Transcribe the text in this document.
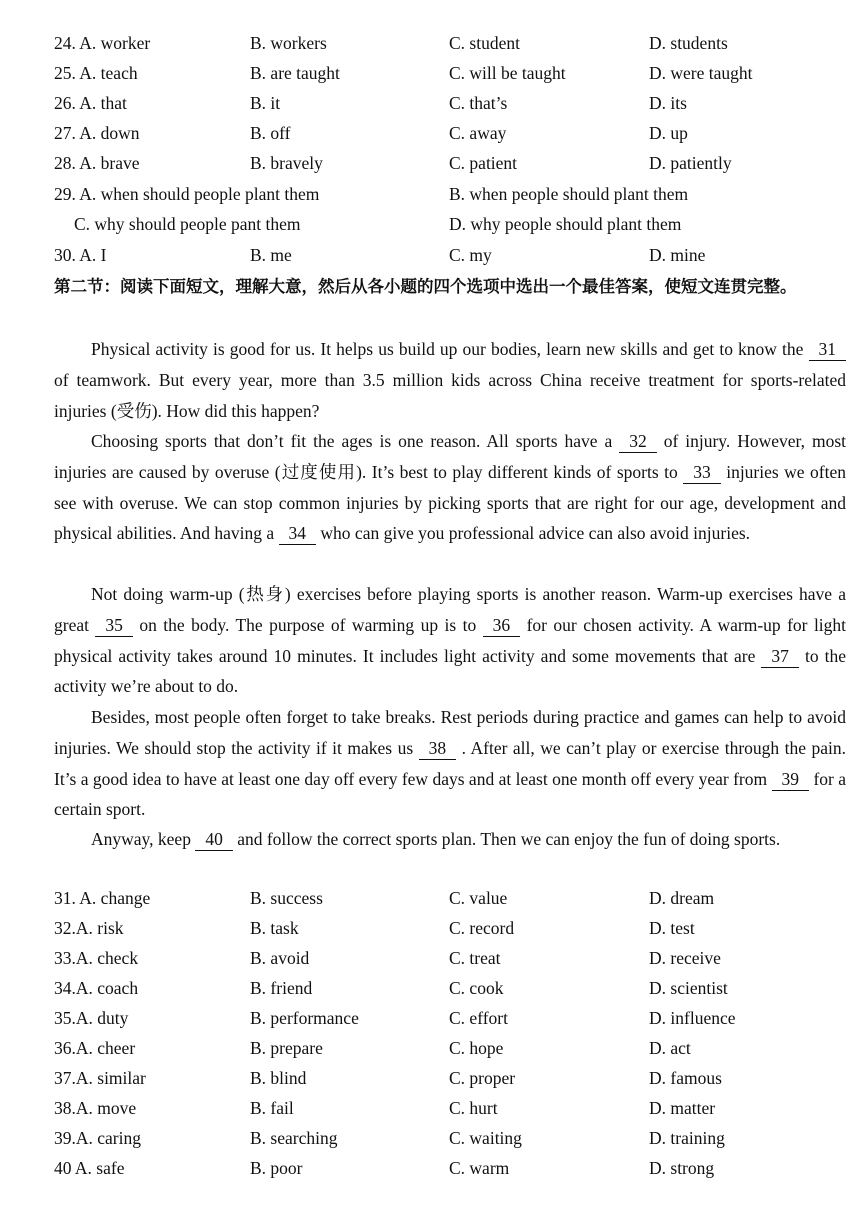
24. A. worker	B. workers	C. student	D. students
25. A. teach	B. are taught	C. will be taught	D. were taught
26. A. that	B. it	C. that’s	D. its
27. A. down	B. off	C. away	D. up
28. A. brave	B. bravely	C. patient	D. patiently
29. A. when should people plant them	B. when people should plant them
C. why should people pant them	D. why people should plant them
30. A. I	B. me	C. my	D. mine
第二节：阅读下面短文，理解大意，然后从各小题的四个选项中选出一个最佳答案，使短文连贯完整。

Physical activity is good for us. It helps us build up our bodies, learn new skills and get to know the 31 of teamwork. But every year, more than 3.5 million kids across China receive treatment for sports-related injuries (受伤). How did this happen?

Choosing sports that don’t fit the ages is one reason. All sports have a 32 of injury. However, most injuries are caused by overuse (过度使用). It’s best to play different kinds of sports to 33 injuries we often see with overuse. We can stop common injuries by picking sports that are right for our age, development and physical abilities. And having a 34 who can give you professional advice can also avoid injuries.

Not doing warm-up (热身) exercises before playing sports is another reason. Warm-up exercises have a great 35 on the body. The purpose of warming up is to 36 for our chosen activity. A warm-up for light physical activity takes around 10 minutes. It includes light activity and some movements that are 37 to the activity we’re about to do.

Besides, most people often forget to take breaks. Rest periods during practice and games can help to avoid injuries. We should stop the activity if it makes us 38 . After all, we can’t play or exercise through the pain. It’s a good idea to have at least one day off every few days and at least one month off every year from 39 for a certain sport.

Anyway, keep 40 and follow the correct sports plan. Then we can enjoy the fun of doing sports.

31. A. change	B. success	C. value	D. dream
32.A. risk	B. task	C. record	D. test
33.A. check	B. avoid	C. treat	D. receive
34.A. coach	B. friend	C. cook	D. scientist
35.A. duty	B. performance	C. effort	D. influence
36.A. cheer	B. prepare	C. hope	D. act
37.A. similar	B. blind	C. proper	D. famous
38.A. move	B. fail	C. hurt	D. matter
39.A. caring	B. searching	C. waiting	D. training
40 A. safe	B. poor	C. warm	D. strong
